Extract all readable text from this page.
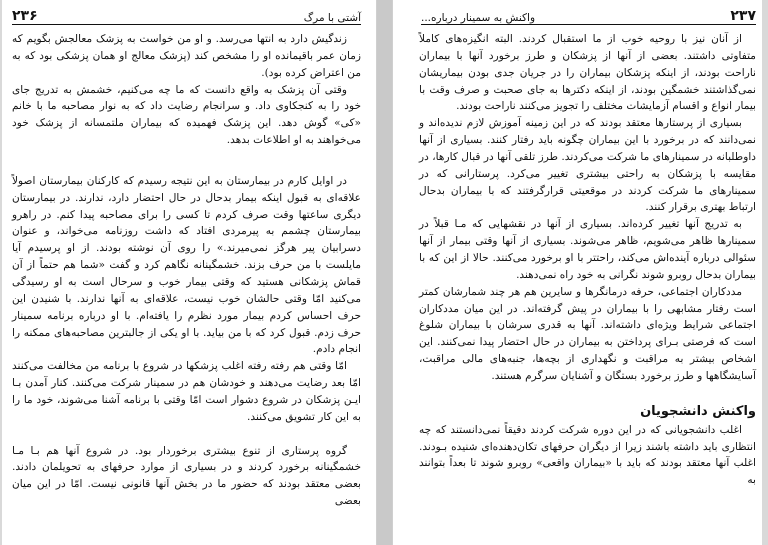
آشتی با مرگ
۲۳۶

زندگیش دارد به انتها می‌رسد. و او من خواست به پزشک معالجش بگویم که زمان عمر باقیمانده او را مشخص کند (پزشک معالج او همان پزشکی بود که به من اعتراض کرده بود).

وقتی آن پزشک به واقع دانست که ما چه می‌کنیم، خشمش به تدریج جای خود را به کنجکاوی داد. و سرانجام رضایت داد که به نوار مصاحبه ما با خانم «کی» گوش دهد. این پزشک فهمیده که بیماران ملتمسانه از پزشک خود می‌خواهند به او اطلاعات بدهد.

در اوایل کارم در بیمارستان به این نتیجه رسیدم که کارکنان بیمارستان اصولاً علاقه‌ای به قبول اینکه بیمار بدحال در حال احتضار دارد، ندارند. در بیمارستان دیگری ساعتها وقت صرف کردم تا کسی را برای مصاحبه پیدا کنم. در راهرو بیمارستان چشمم به پیرمردی افتاد که داشت روزنامه می‌خواند، و عنوان دسرابیان پیر هرگز نمی‌میرند.» را روی آن نوشته بودند. از او پرسیدم آیا مایلست با من حرف بزند. خشمگینانه نگاهم کرد و گفت «شما هم حتماً از آن قماش پزشکانی هستید که وقتی بیمار خوب و سرحال است به او رسیدگی می‌کنید امّا وقتی حالشان خوب نیست، علاقه‌ای به آنها ندارند. با شنیدن این حرف احساس کردم بیمار مورد نظرم را یافته‌ام. با او درباره برنامه سمینار حرف زدم. قبول کرد که با من بیاید. با او یکی از جالبترین مصاحبه‌های ممکنه را انجام دادم.

امّا وقتی هم رفته رفته اغلب پزشکها در شروع با برنامه من مخالفت می‌کنند امّا بعد رضایت می‌دهند و خودشان هم در سمینار شرکت می‌کنند. کنار آمدن بـا ایـن پزشکان در شروع دشوار است امّا وقتی با برنامه آشنا می‌شوند، خود ما را به این کار تشویق می‌کنند.

گروه پرستاری از تنوع بیشتری برخوردار بود. در شروع آنها هم بـا مـا خشمگینانه برخورد کردند و در بسیاری از موارد حرفهای به تحویلمان دادند. بعضی معتقد بودند که حضور ما در بخش آنها قانونی نیست. امّا در این میان بعضی

۲۳۷
واکنش به سمینار درباره...

از آنان نیز با روحیه خوب از ما استقبال کردند. البته انگیزه‌های کاملاً متفاوتی داشتند. بعضی از آنها از پزشکان و طرز برخورد آنها با بیماران ناراحت بودند، از اینکه پزشکان بیماران را در جریان جدی بودن بیماریشان نمی‌گذاشتند خشمگین بودند، از اینکه دکترها به جای صحبت و صرف وقت با بیمار انواع و اقسام آزمایشات مختلف را تجویز می‌کنند ناراحت بودند.

بسیاری از پرستارها معتقد بودند که در این زمینه آموزش لازم ندیده‌اند و نمی‌دانند که در برخورد با این بیماران چگونه باید رفتار کنند. بسیاری از آنها داوطلبانه در سمینارهای ما شرکت می‌کردند. طرز تلقی آنها در قبال کارها، در مقایسه با پزشکان به راحتی بیشتری تغییر می‌کرد. پرستارانی که در سمینارهای ما شرکت کردند در موقعیتی قرارگرفتند که با بیماران بدحال ارتباط بهتری برقرار کنند.

به تدریج آنها تغییر کرده‌اند. بسیاری از آنها در نقشهایی که مـا قبلاً در سمینارها ظاهر می‌شویم، ظاهر می‌شوند. بسیاری از آنها وقتی بیمار از آنها سئوالی درباره آینده‌اش می‌کند، راحتتر با او برخورد می‌کنند. حالا از این که با بیماران بدحال روبرو شوند نگرانی به خود راه نمی‌دهند.

مددکاران اجتماعی، حرفه درمانگرها و سایرین هم هر چند شمارشان کمتر است رفتار مشابهی را با بیماران در پیش گرفته‌اند. در این میان مددکاران اجتماعی شرایط ویژه‌ای داشته‌اند. آنها به قدری سرشان با بیماران شلوغ است که فرصتی بـرای پرداختن به بیماران در حال احتضار پیدا نمی‌کنند. این اشخاص بیشتر به مراقبت و نگهداری از بچه‌ها، جنبه‌های مالی مراقبت، آسایشگاهها و طرز برخورد بستگان و آشنایان سرگرم هستند.

واکنش دانشجویان

اغلب دانشجویانی که در این دوره شرکت کردند دقیقاً نمی‌دانستند که چه انتظاری باید داشته باشند زیرا از دیگران حرفهای تکان‌دهنده‌ای شنیده بـودند. اغلب آنها معتقد بودند که باید با «بیماران واقعی» روبرو شوند تا بعداً بتوانند به
